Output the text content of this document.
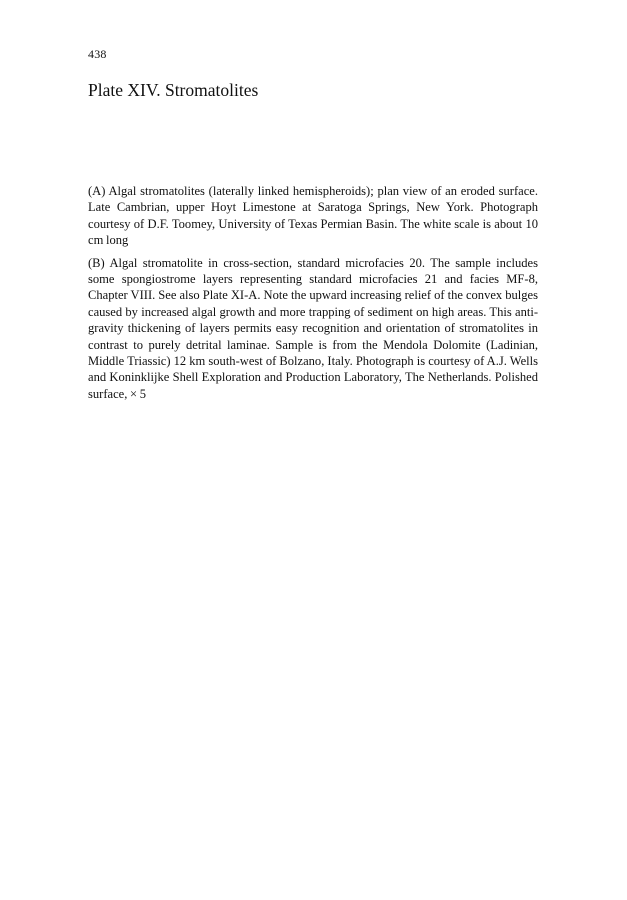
438
Plate XIV. Stromatolites

(A) Algal stromatolites (laterally linked hemispheroids); plan view of an eroded surface. Late Cambrian, upper Hoyt Limestone at Saratoga Springs, New York. Photograph courtesy of D.F. Toomey, University of Texas Permian Basin. The white scale is about 10 cm long

(B) Algal stromatolite in cross-section, standard microfacies 20. The sample includes some spongiostrome layers representing standard microfacies 21 and facies MF-8, Chapter VIII. See also Plate XI-A. Note the upward increasing relief of the convex bulges caused by increased algal growth and more trapping of sediment on high areas. This anti-gravity thickening of layers permits easy recognition and orientation of stromatolites in contrast to purely detrital laminae. Sample is from the Mendola Dolomite (Ladinian, Middle Triassic) 12 km south-west of Bolzano, Italy. Photograph is courtesy of A.J. Wells and Koninklijke Shell Exploration and Production Laboratory, The Netherlands. Polished surface, × 5
